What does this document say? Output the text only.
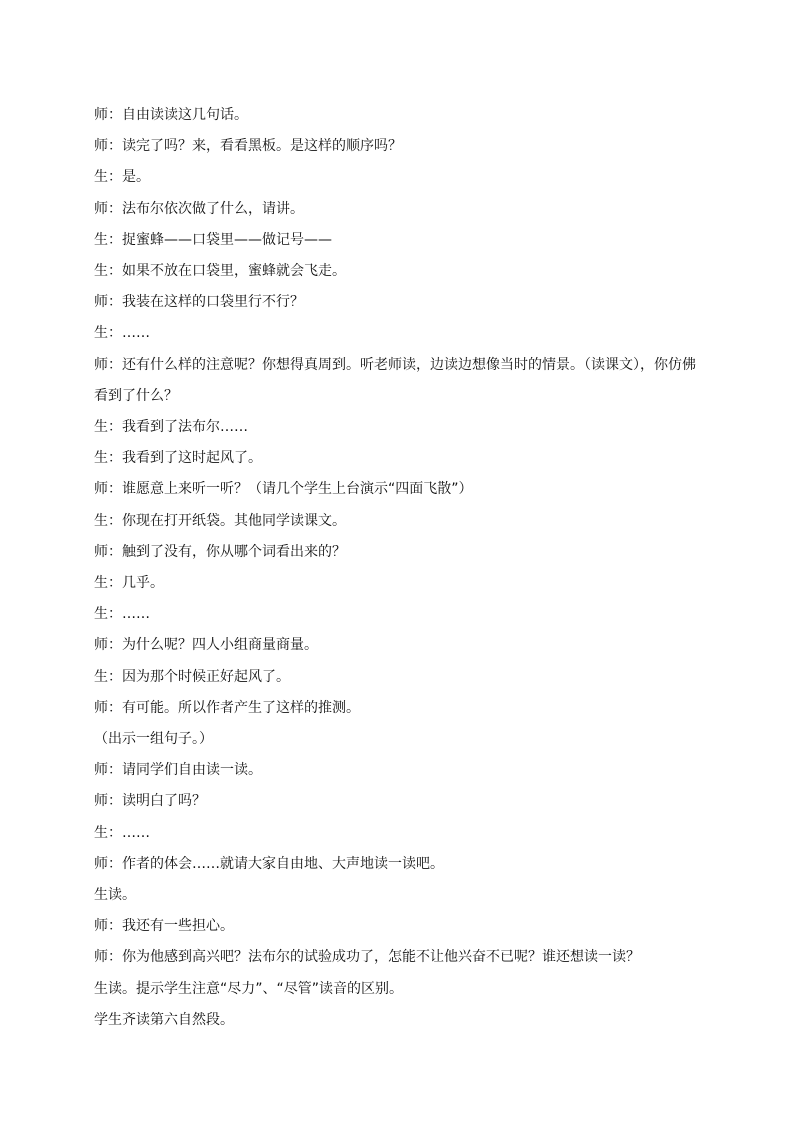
师：自由读读这几句话。
师：读完了吗？来，看看黑板。是这样的顺序吗？
生：是。
师：法布尔依次做了什么，请讲。
生：捉蜜蜂——口袋里——做记号——
生：如果不放在口袋里，蜜蜂就会飞走。
师：我装在这样的口袋里行不行？
生：……
师：还有什么样的注意呢？你想得真周到。听老师读，边读边想像当时的情景。（读课文），你仿佛看到了什么？
生：我看到了法布尔……
生：我看到了这时起风了。
师：谁愿意上来听一听？（请几个学生上台演示“四面飞散”）
生：你现在打开纸袋。其他同学读课文。
师：触到了没有，你从哪个词看出来的？
生：几乎。
生：……
师：为什么呢？四人小组商量商量。
生：因为那个时候正好起风了。
师：有可能。所以作者产生了这样的推测。
（出示一组句子。）
师：请同学们自由读一读。
师：读明白了吗？
生：……
师：作者的体会……就请大家自由地、大声地读一读吧。
生读。
师：我还有一些担心。
师：你为他感到高兴吧？法布尔的试验成功了，怎能不让他兴奋不已呢？谁还想读一读？
生读。提示学生注意“尽力”、“尽管”读音的区别。
学生齐读第六自然段。
